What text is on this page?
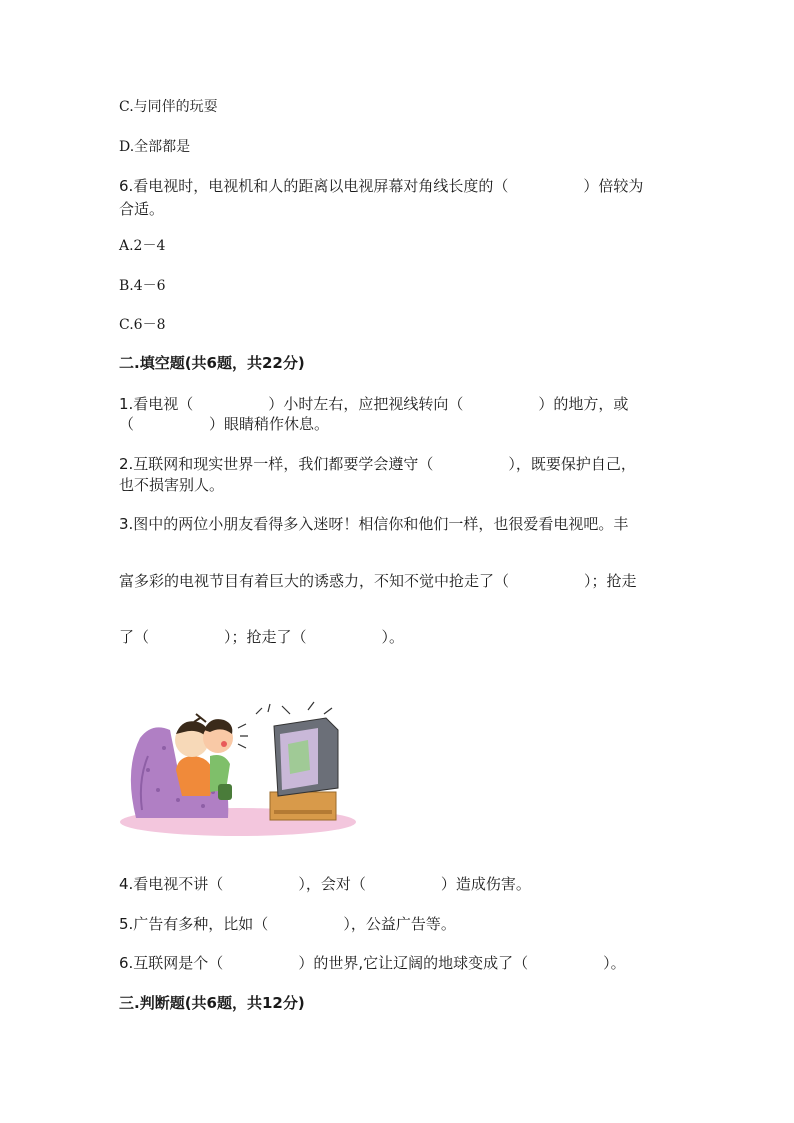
C.与同伴的玩耍
D.全部都是
6.看电视时，电视机和人的距离以电视屏幕对角线长度的（　　　　　）倍较为
合适。
A.2－4
B.4－6
C.6－8
二.填空题(共6题，共22分)
1.看电视（　　　　　）小时左右，应把视线转向（　　　　　）的地方，或
（　　　　　）眼睛稍作休息。
2.互联网和现实世界一样，我们都要学会遵守（　　　　　），既要保护自己，
也不损害别人。
3.图中的两位小朋友看得多入迷呀！相信你和他们一样，也很爱看电视吧。丰
富多彩的电视节目有着巨大的诱惑力，不知不觉中抢走了（　　　　　）；抢走
了（　　　　　）；抢走了（　　　　　）。
4.看电视不讲（　　　　　），会对（　　　　　）造成伤害。
5.广告有多种，比如（　　　　　），公益广告等。
6.互联网是个（　　　　　）的世界,它让辽阔的地球变成了（　　　　　）。
三.判断题(共6题，共12分)
